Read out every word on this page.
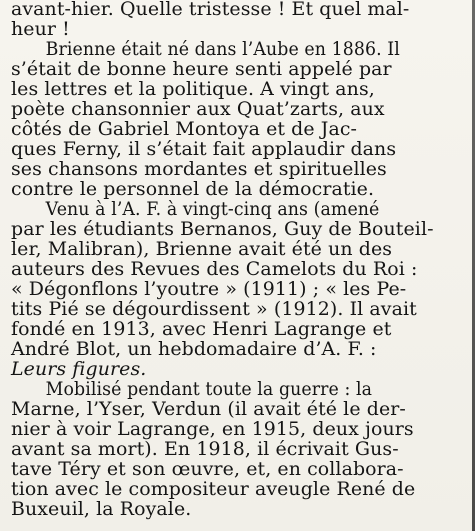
avant-hier. Quelle tristesse ! Et quel mal-
heur !
Brienne était né dans l’Aube en 1886. Il
s’était de bonne heure senti appelé par
les lettres et la politique. A vingt ans,
poète chansonnier aux Quat’zarts, aux
côtés de Gabriel Montoya et de Jac-
ques Ferny, il s’était fait applaudir dans
ses chansons mordantes et spirituelles
contre le personnel de la démocratie.
Venu à l’A. F. à vingt-cinq ans (amené
par les étudiants Bernanos, Guy de Bouteil-
ler, Malibran), Brienne avait été un des
auteurs des Revues des Camelots du Roi :
« Dégonflons l’youtre » (1911) ; « les Pe-
tits Pié se dégourdissent » (1912). Il avait
fondé en 1913, avec Henri Lagrange et
André Blot, un hebdomadaire d’A. F. :
Leurs figures.
Mobilisé pendant toute la guerre : la
Marne, l’Yser, Verdun (il avait été le der-
nier à voir Lagrange, en 1915, deux jours
avant sa mort). En 1918, il écrivait Gus-
tave Téry et son œuvre, et, en collabora-
tion avec le compositeur aveugle René de
Buxeuil, la Royale.
